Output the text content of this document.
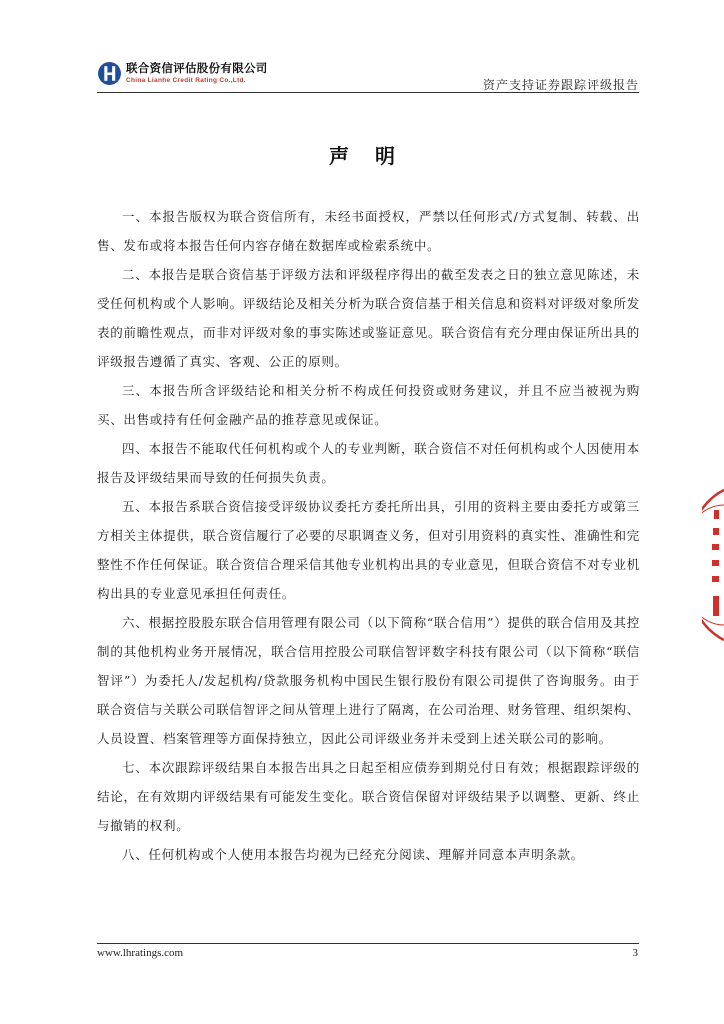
联合资信评估股份有限公司
China Lianhe Credit Rating Co.,Ltd.	资产支持证券跟踪评级报告
声明

一、本报告版权为联合资信所有，未经书面授权，严禁以任何形式/方式复制、转载、出售、发布或将本报告任何内容存储在数据库或检索系统中。

二、本报告是联合资信基于评级方法和评级程序得出的截至发表之日的独立意见陈述，未受任何机构或个人影响。评级结论及相关分析为联合资信基于相关信息和资料对评级对象所发表的前瞻性观点，而非对评级对象的事实陈述或鉴证意见。联合资信有充分理由保证所出具的评级报告遵循了真实、客观、公正的原则。

三、本报告所含评级结论和相关分析不构成任何投资或财务建议，并且不应当被视为购买、出售或持有任何金融产品的推荐意见或保证。

四、本报告不能取代任何机构或个人的专业判断，联合资信不对任何机构或个人因使用本报告及评级结果而导致的任何损失负责。

五、本报告系联合资信接受评级协议委托方委托所出具，引用的资料主要由委托方或第三方相关主体提供，联合资信履行了必要的尽职调查义务，但对引用资料的真实性、准确性和完整性不作任何保证。联合资信合理采信其他专业机构出具的专业意见，但联合资信不对专业机构出具的专业意见承担任何责任。

六、根据控股股东联合信用管理有限公司（以下简称“联合信用”）提供的联合信用及其控制的其他机构业务开展情况，联合信用控股公司联信智评数字科技有限公司（以下简称“联信智评”）为委托人/发起机构/贷款服务机构中国民生银行股份有限公司提供了咨询服务。由于联合资信与关联公司联信智评之间从管理上进行了隔离，在公司治理、财务管理、组织架构、人员设置、档案管理等方面保持独立，因此公司评级业务并未受到上述关联公司的影响。

七、本次跟踪评级结果自本报告出具之日起至相应债券到期兑付日有效；根据跟踪评级的结论，在有效期内评级结果有可能发生变化。联合资信保留对评级结果予以调整、更新、终止与撤销的权利。

八、任何机构或个人使用本报告均视为已经充分阅读、理解并同意本声明条款。

www.lhratings.com	3
